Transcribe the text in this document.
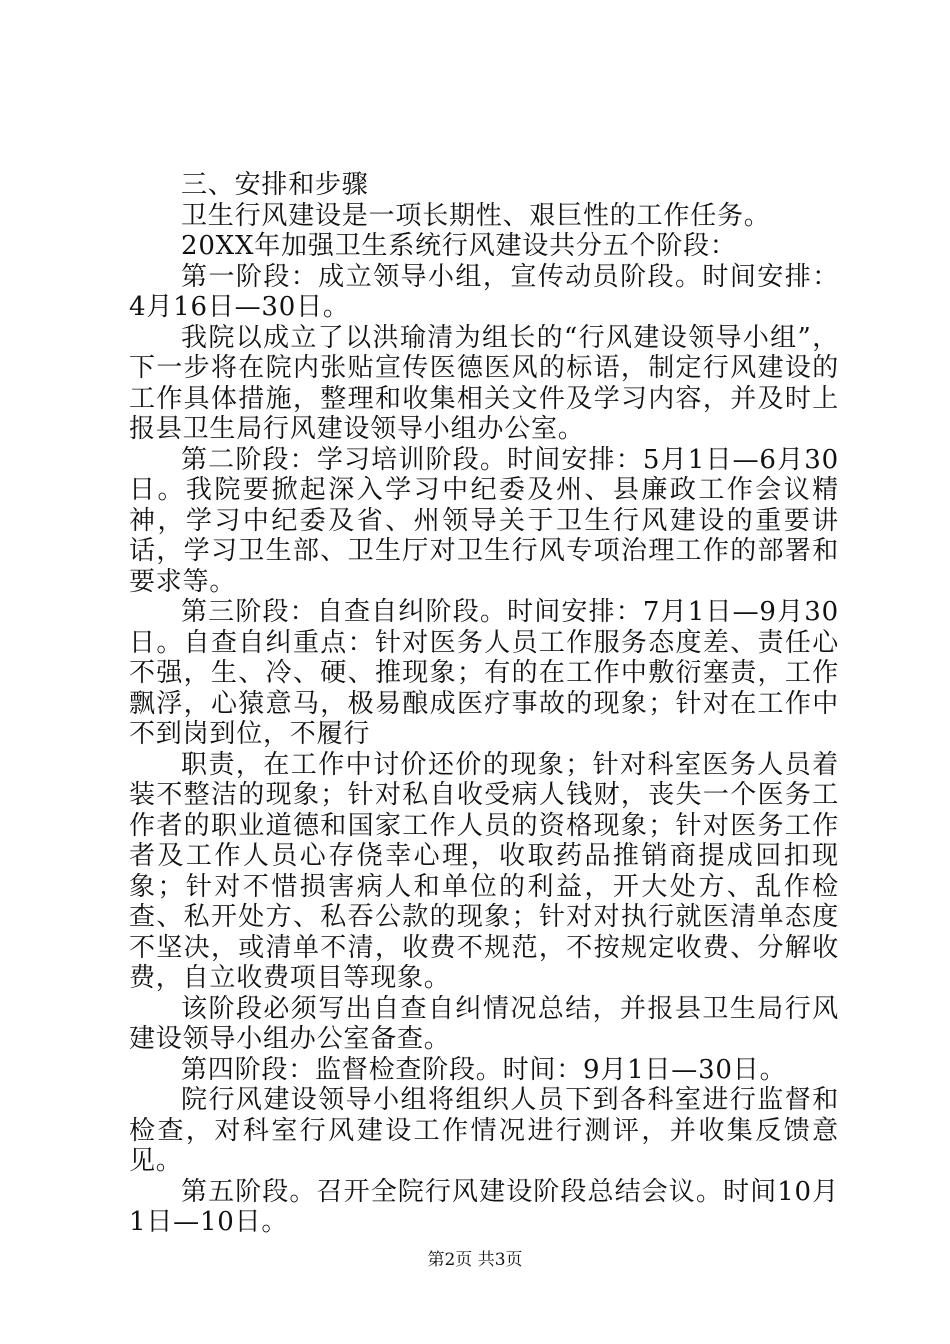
三、安排和步骤

卫生行风建设是一项长期性、艰巨性的工作任务。

20XX年加强卫生系统行风建设共分五个阶段：

第一阶段：成立领导小组，宣传动员阶段。时间安排：4月16日—30日。

我院以成立了以洪瑜清为组长的“行风建设领导小组”，下一步将在院内张贴宣传医德医风的标语，制定行风建设的工作具体措施，整理和收集相关文件及学习内容，并及时上报县卫生局行风建设领导小组办公室。

第二阶段：学习培训阶段。时间安排：5月1日—6月30日。我院要掀起深入学习中纪委及州、县廉政工作会议精神，学习中纪委及省、州领导关于卫生行风建设的重要讲话，学习卫生部、卫生厅对卫生行风专项治理工作的部署和要求等。

第三阶段：自查自纠阶段。时间安排：7月1日—9月30日。自查自纠重点：针对医务人员工作服务态度差、责任心不强，生、冷、硬、推现象；有的在工作中敷衍塞责，工作飘浮，心猿意马，极易酿成医疗事故的现象；针对在工作中不到岗到位，不履行

职责，在工作中讨价还价的现象；针对科室医务人员着装不整洁的现象；针对私自收受病人钱财，丧失一个医务工作者的职业道德和国家工作人员的资格现象；针对医务工作者及工作人员心存侥幸心理，收取药品推销商提成回扣现象；针对不惜损害病人和单位的利益，开大处方、乱作检查、私开处方、私吞公款的现象；针对对执行就医清单态度不坚决，或清单不清，收费不规范，不按规定收费、分解收费，自立收费项目等现象。

该阶段必须写出自查自纠情况总结，并报县卫生局行风建设领导小组办公室备查。

第四阶段：监督检查阶段。时间：9月1日—30日。

院行风建设领导小组将组织人员下到各科室进行监督和检查，对科室行风建设工作情况进行测评，并收集反馈意见。

第五阶段。召开全院行风建设阶段总结会议。时间10月1日—10日。

第2页 共3页
